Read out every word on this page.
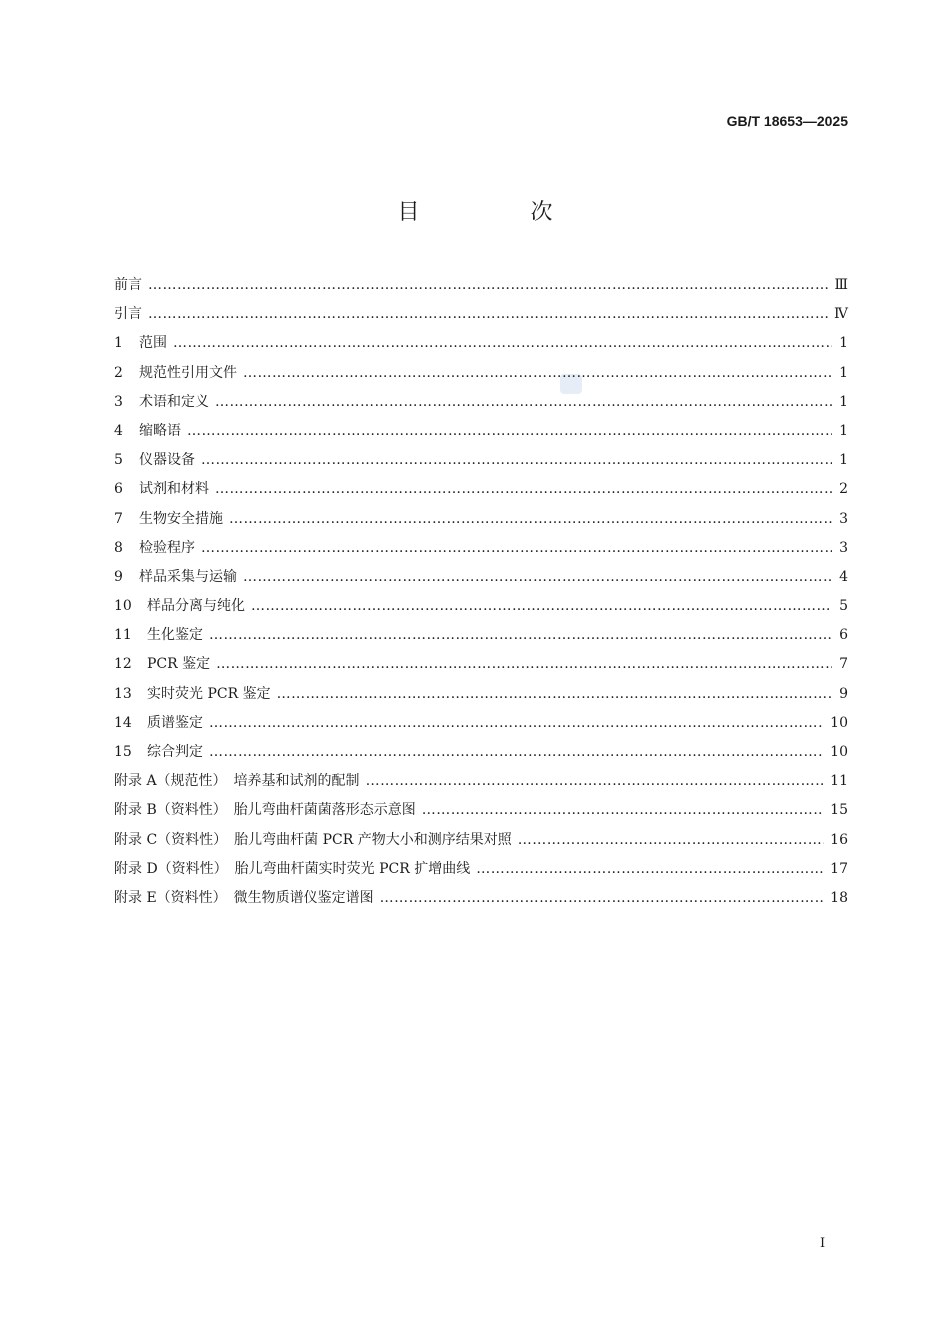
GB/T 18653—2025
目 次
前言 …………………………………………………………………………………………………………………………………………………………………………………………………………	Ⅲ
引言 …………………………………………………………………………………………………………………………………………………………………………………………………………	Ⅳ
1	范围 …………………………………………………………………………………………………………………………………………………………………………………………………………	1
2	规范性引用文件 …………………………………………………………………………………………………………………………………………………………………………………………………………	1
3	术语和定义 …………………………………………………………………………………………………………………………………………………………………………………………………………	1
4	缩略语 …………………………………………………………………………………………………………………………………………………………………………………………………………	1
5	仪器设备 …………………………………………………………………………………………………………………………………………………………………………………………………………	1
6	试剂和材料 …………………………………………………………………………………………………………………………………………………………………………………………………………	2
7	生物安全措施 …………………………………………………………………………………………………………………………………………………………………………………………………………	3
8	检验程序 …………………………………………………………………………………………………………………………………………………………………………………………………………	3
9	样品采集与运输 …………………………………………………………………………………………………………………………………………………………………………………………………………	4
10	样品分离与纯化 …………………………………………………………………………………………………………………………………………………………………………………………………………	5
11	生化鉴定 …………………………………………………………………………………………………………………………………………………………………………………………………………	6
12	PCR 鉴定 …………………………………………………………………………………………………………………………………………………………………………………………………………	7
13	实时荧光 PCR 鉴定 …………………………………………………………………………………………………………………………………………………………………………………………………………	9
14	质谱鉴定 …………………………………………………………………………………………………………………………………………………………………………………………………………	10
15	综合判定 …………………………………………………………………………………………………………………………………………………………………………………………………………	10
附录 A（规范性）　培养基和试剂的配制 …………………………………………………………………………………………………………………………………………………………………………………………………………	11
附录 B（资料性）　胎儿弯曲杆菌菌落形态示意图 …………………………………………………………………………………………………………………………………………………………………………………………………………	15
附录 C（资料性）　胎儿弯曲杆菌 PCR 产物大小和测序结果对照 …………………………………………………………………………………………………………………………………………………………………………………………………………	16
附录 D（资料性）　胎儿弯曲杆菌实时荧光 PCR 扩增曲线 …………………………………………………………………………………………………………………………………………………………………………………………………………	17
附录 E（资料性）　微生物质谱仪鉴定谱图 …………………………………………………………………………………………………………………………………………………………………………………………………………	18
I
